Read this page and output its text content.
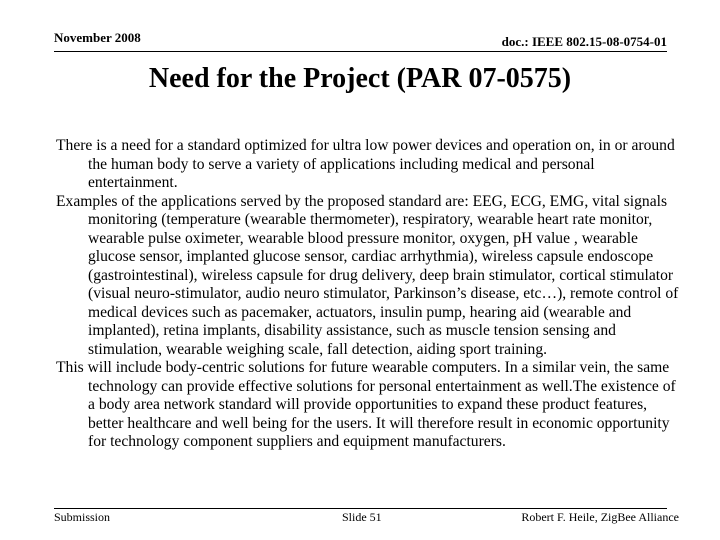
November 2008	doc.: IEEE 802.15-08-0754-01
Need for the Project (PAR 07-0575)

There is a need for a standard optimized for ultra low power devices and operation on, in or around the human body to serve a variety of applications including medical and personal entertainment.

Examples of the applications served by the proposed standard are: EEG, ECG, EMG, vital signals monitoring (temperature (wearable thermometer), respiratory, wearable heart rate monitor, wearable pulse oximeter, wearable blood pressure monitor, oxygen, pH value , wearable glucose sensor, implanted glucose sensor, cardiac arrhythmia), wireless capsule endoscope (gastrointestinal), wireless capsule for drug delivery, deep brain stimulator, cortical stimulator (visual neuro-stimulator, audio neuro stimulator, Parkinson’s disease, etc…), remote control of medical devices such as pacemaker, actuators, insulin pump, hearing aid (wearable and implanted), retina implants, disability assistance, such as muscle tension sensing and stimulation, wearable weighing scale, fall detection, aiding sport training.

This will include body-centric solutions for future wearable computers. In a similar vein, the same technology can provide effective solutions for personal entertainment as well.The existence of a body area network standard will provide opportunities to expand these product features, better healthcare and well being for the users. It will therefore result in economic opportunity for technology component suppliers and equipment manufacturers.

Submission	Slide 51	Robert F. Heile, ZigBee Alliance
